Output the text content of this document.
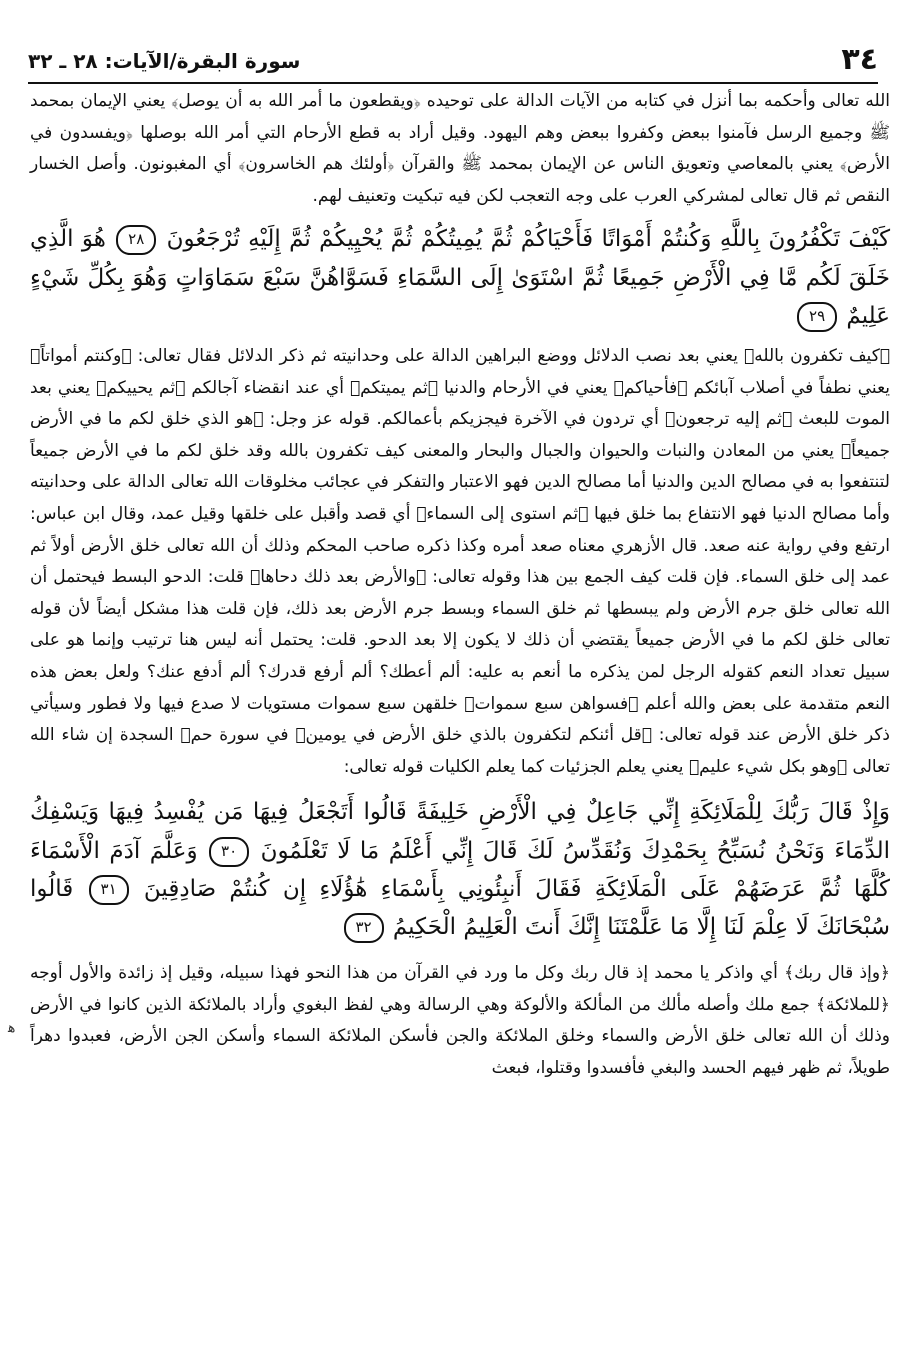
٣٤
سورة البقرة/الآيات: ٢٨ ـ ٣٢

الله تعالى وأحكمه بما أنزل في كتابه من الآيات الدالة على توحيده ﴿ويقطعون ما أمر الله به أن يوصل﴾ يعني الإيمان بمحمد ﷺ وجميع الرسل فآمنوا ببعض وكفروا ببعض وهم اليهود. وقيل أراد به قطع الأرحام التي أمر الله بوصلها ﴿ويفسدون في الأرض﴾ يعني بالمعاصي وتعويق الناس عن الإيمان بمحمد ﷺ والقرآن ﴿أولئك هم الخاسرون﴾ أي المغبونون. وأصل الخسار النقص ثم قال تعالى لمشركي العرب على وجه التعجب لكن فيه تبكيت وتعنيف لهم.

كَيْفَ تَكْفُرُونَ بِاللَّهِ وَكُنتُمْ أَمْوَاتًا فَأَحْيَاكُمْ ثُمَّ يُمِيتُكُمْ ثُمَّ يُحْيِيكُمْ ثُمَّ إِلَيْهِ تُرْجَعُونَ ٢٨ هُوَ الَّذِي خَلَقَ لَكُم مَّا فِي الْأَرْضِ جَمِيعًا ثُمَّ اسْتَوَىٰ إِلَى السَّمَاءِ فَسَوَّاهُنَّ سَبْعَ سَمَاوَاتٍ وَهُوَ بِكُلِّ شَيْءٍ عَلِيمٌ ٢٩

﴿كيف تكفرون بالله﴾ يعني بعد نصب الدلائل ووضع البراهين الدالة على وحدانيته ثم ذكر الدلائل فقال تعالى: ﴿وكنتم أمواتاً﴾ يعني نطفاً في أصلاب آبائكم ﴿فأحياكم﴾ يعني في الأرحام والدنيا ﴿ثم يميتكم﴾ أي عند انقضاء آجالكم ﴿ثم يحييكم﴾ يعني بعد الموت للبعث ﴿ثم إليه ترجعون﴾ أي تردون في الآخرة فيجزيكم بأعمالكم. قوله عز وجل: ﴿هو الذي خلق لكم ما في الأرض جميعاً﴾ يعني من المعادن والنبات والحيوان والجبال والبحار والمعنى كيف تكفرون بالله وقد خلق لكم ما في الأرض جميعاً لتنتفعوا به في مصالح الدين والدنيا أما مصالح الدين فهو الاعتبار والتفكر في عجائب مخلوقات الله تعالى الدالة على وحدانيته وأما مصالح الدنيا فهو الانتفاع بما خلق فيها ﴿ثم استوى إلى السماء﴾ أي قصد وأقبل على خلقها وقيل عمد، وقال ابن عباس: ارتفع وفي رواية عنه صعد. قال الأزهري معناه صعد أمره وكذا ذكره صاحب المحكم وذلك أن الله تعالى خلق الأرض أولاً ثم عمد إلى خلق السماء. فإن قلت كيف الجمع بين هذا وقوله تعالى: ﴿والأرض بعد ذلك دحاها﴾ قلت: الدحو البسط فيحتمل أن الله تعالى خلق جرم الأرض ولم يبسطها ثم خلق السماء وبسط جرم الأرض بعد ذلك، فإن قلت هذا مشكل أيضاً لأن قوله تعالى خلق لكم ما في الأرض جميعاً يقتضي أن ذلك لا يكون إلا بعد الدحو. قلت: يحتمل أنه ليس هنا ترتيب وإنما هو على سبيل تعداد النعم كقوله الرجل لمن يذكره ما أنعم به عليه: ألم أعطك؟ ألم أرفع قدرك؟ ألم أدفع عنك؟ ولعل بعض هذه النعم متقدمة على بعض والله أعلم ﴿فسواهن سبع سموات﴾ خلقهن سبع سموات مستويات لا صدع فيها ولا فطور وسيأتي ذكر خلق الأرض عند قوله تعالى: ﴿قل أئنكم لتكفرون بالذي خلق الأرض في يومين﴾ في سورة حمۤ السجدة إن شاء الله تعالى ﴿وهو بكل شيء عليم﴾ يعني يعلم الجزئيات كما يعلم الكليات قوله تعالى:

وَإِذْ قَالَ رَبُّكَ لِلْمَلَائِكَةِ إِنِّي جَاعِلٌ فِي الْأَرْضِ خَلِيفَةً قَالُوا أَتَجْعَلُ فِيهَا مَن يُفْسِدُ فِيهَا وَيَسْفِكُ الدِّمَاءَ وَنَحْنُ نُسَبِّحُ بِحَمْدِكَ وَنُقَدِّسُ لَكَ قَالَ إِنِّي أَعْلَمُ مَا لَا تَعْلَمُونَ ٣٠ وَعَلَّمَ آدَمَ الْأَسْمَاءَ كُلَّهَا ثُمَّ عَرَضَهُمْ عَلَى الْمَلَائِكَةِ فَقَالَ أَنبِئُونِي بِأَسْمَاءِ هَٰؤُلَاءِ إِن كُنتُمْ صَادِقِينَ ٣١ قَالُوا سُبْحَانَكَ لَا عِلْمَ لَنَا إِلَّا مَا عَلَّمْتَنَا إِنَّكَ أَنتَ الْعَلِيمُ الْحَكِيمُ ٣٢

﴿وإذ قال ربك﴾ أي واذكر يا محمد إذ قال ربك وكل ما ورد في القرآن من هذا النحو فهذا سبيله، وقيل إذ زائدة والأول أوجه ﴿للملائكة﴾ جمع ملك وأصله مألك من المألكة والألوكة وهي الرسالة وهي لفظ البغوي وأراد بالملائكة الذين كانوا في الأرض وذلك أن الله تعالى خلق الأرض والسماء وخلق الملائكة والجن فأسكن الملائكة السماء وأسكن الجن الأرض، فعبدوا دهراً طويلاً، ثم ظهر فيهم الحسد والبغي فأفسدوا وقتلوا، فبعث

ﻫ
